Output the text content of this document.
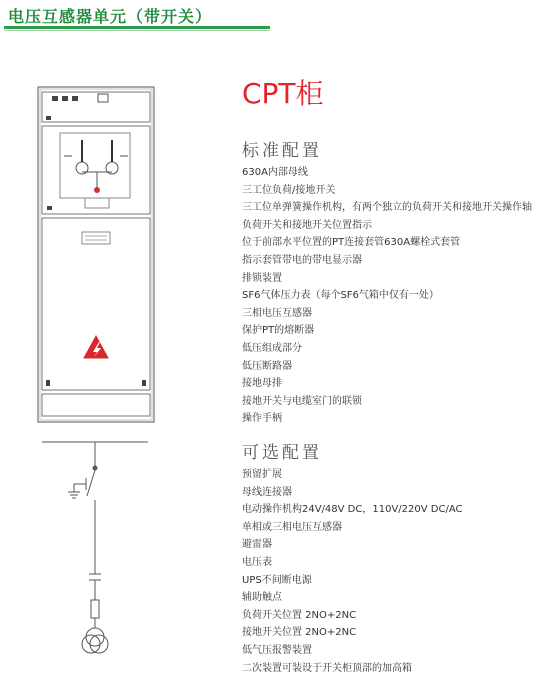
电压互感器单元（带开关）
CPT柜
标准配置
630A内部母线
三工位负荷/接地开关
三工位单弹簧操作机构，有两个独立的负荷开关和接地开关操作轴
负荷开关和接地开关位置指示
位于前部水平位置的PT连接套管630A螺栓式套管
指示套管带电的带电显示器
排锁装置
SF6气体压力表（每个SF6气箱中仅有一处）
三相电压互感器
保护PT的熔断器
低压组成部分
低压断路器
接地母排
接地开关与电缆室门的联锁
操作手柄
可选配置
预留扩展
母线连接器
电动操作机构24V/48V DC，110V/220V DC/AC
单相或三相电压互感器
避雷器
电压表
UPS不间断电源
辅助触点
负荷开关位置 2NO+2NC
接地开关位置 2NO+2NC
低气压报警装置
二次装置可装设于开关柜顶部的加高箱
